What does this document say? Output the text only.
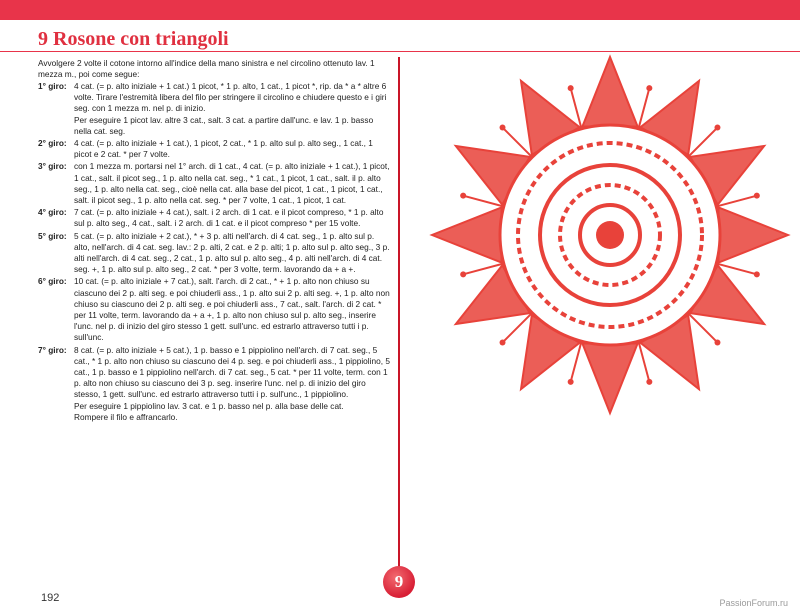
9 Rosone con triangoli
Avvolgere 2 volte il cotone intorno all'indice della mano sinistra e nel circolino ottenuto lav. 1 mezza m., poi come segue:
1° giro: 4 cat. (= p. alto iniziale + 1 cat.) 1 picot, * 1 p. alto, 1 cat., 1 picot *, rip. da * a * altre 6 volte. Tirare l'estremità libera del filo per stringere il circolino e chiudere questo e i giri seg. con 1 mezza m. nel p. di inizio.

Per eseguire 1 picot lav. altre 3 cat., salt. 3 cat. a partire dall'unc. e lav. 1 p. basso nella cat. seg.

2° giro: 4 cat. (= p. alto iniziale + 1 cat.), 1 picot, 2 cat., * 1 p. alto sul p. alto seg., 1 cat., 1 picot e 2 cat. * per 7 volte.

3° giro: con 1 mezza m. portarsi nel 1° arch. di 1 cat., 4 cat. (= p. alto iniziale + 1 cat.), 1 picot, 1 cat., salt. il picot seg., 1 p. alto nella cat. seg., * 1 cat., 1 picot, 1 cat., salt. il p. alto seg., 1 p. alto nella cat. seg., cioè nella cat. alla base del picot, 1 cat., 1 picot, 1 cat., salt. il picot seg., 1 p. alto nella cat. seg. * per 7 volte, 1 cat., 1 picot, 1 cat.

4° giro: 7 cat. (= p. alto iniziale + 4 cat.), salt. i 2 arch. di 1 cat. e il picot compreso, * 1 p. alto sul p. alto seg., 4 cat., salt. i 2 arch. di 1 cat. e il picot compreso * per 15 volte.

5° giro: 5 cat. (= p. alto iniziale + 2 cat.), * + 3 p. alti nell'arch. di 4 cat. seg., 1 p. alto sul p. alto, nell'arch. di 4 cat. seg. lav.: 2 p. alti, 2 cat. e 2 p. alti; 1 p. alto sul p. alto seg., 3 p. alti nell'arch. di 4 cat. seg., 2 cat., 1 p. alto sul p. alto seg., 4 p. alti nell'arch. di 4 cat. seg. +, 1 p. alto sul p. alto seg., 2 cat. * per 3 volte, term. lavorando da + a +.

6° giro: 10 cat. (= p. alto iniziale + 7 cat.), salt. l'arch. di 2 cat., * + 1 p. alto non chiuso su ciascuno dei 2 p. alti seg. e poi chiuderli ass., 1 p. alto sui 2 p. alti seg. +, 1 p. alto non chiuso su ciascuno dei 2 p. alti seg. e poi chiuderli ass., 7 cat., salt. l'arch. di 2 cat. * per 11 volte, term. lavorando da + a +, 1 p. alto non chiuso sul p. alto seg., inserire l'unc. nel p. di inizio del giro stesso 1 gett. sull'unc. ed estrarlo attraverso tutti i p. sull'unc.

7° giro: 8 cat. (= p. alto iniziale + 5 cat.), 1 p. basso e 1 pippiolino nell'arch. di 7 cat. seg., 5 cat., * 1 p. alto non chiuso su ciascuno dei 4 p. seg. e poi chiuderli ass., 1 pippiolino, 5 cat., 1 p. basso e 1 pippiolino nell'arch. di 7 cat. seg., 5 cat. * per 11 volte, term. con 1 p. alto non chiuso su ciascuno dei 3 p. seg. inserire l'unc. nel p. di inizio del giro stesso, 1 gett. sull'unc. ed estrarlo attraverso tutti i p. sull'unc., 1 pippiolino.

Per eseguire 1 pippiolino lav. 3 cat. e 1 p. basso nel p. alla base delle cat.

Rompere il filo e affrancarlo.

9
192	PassionForum.ru
